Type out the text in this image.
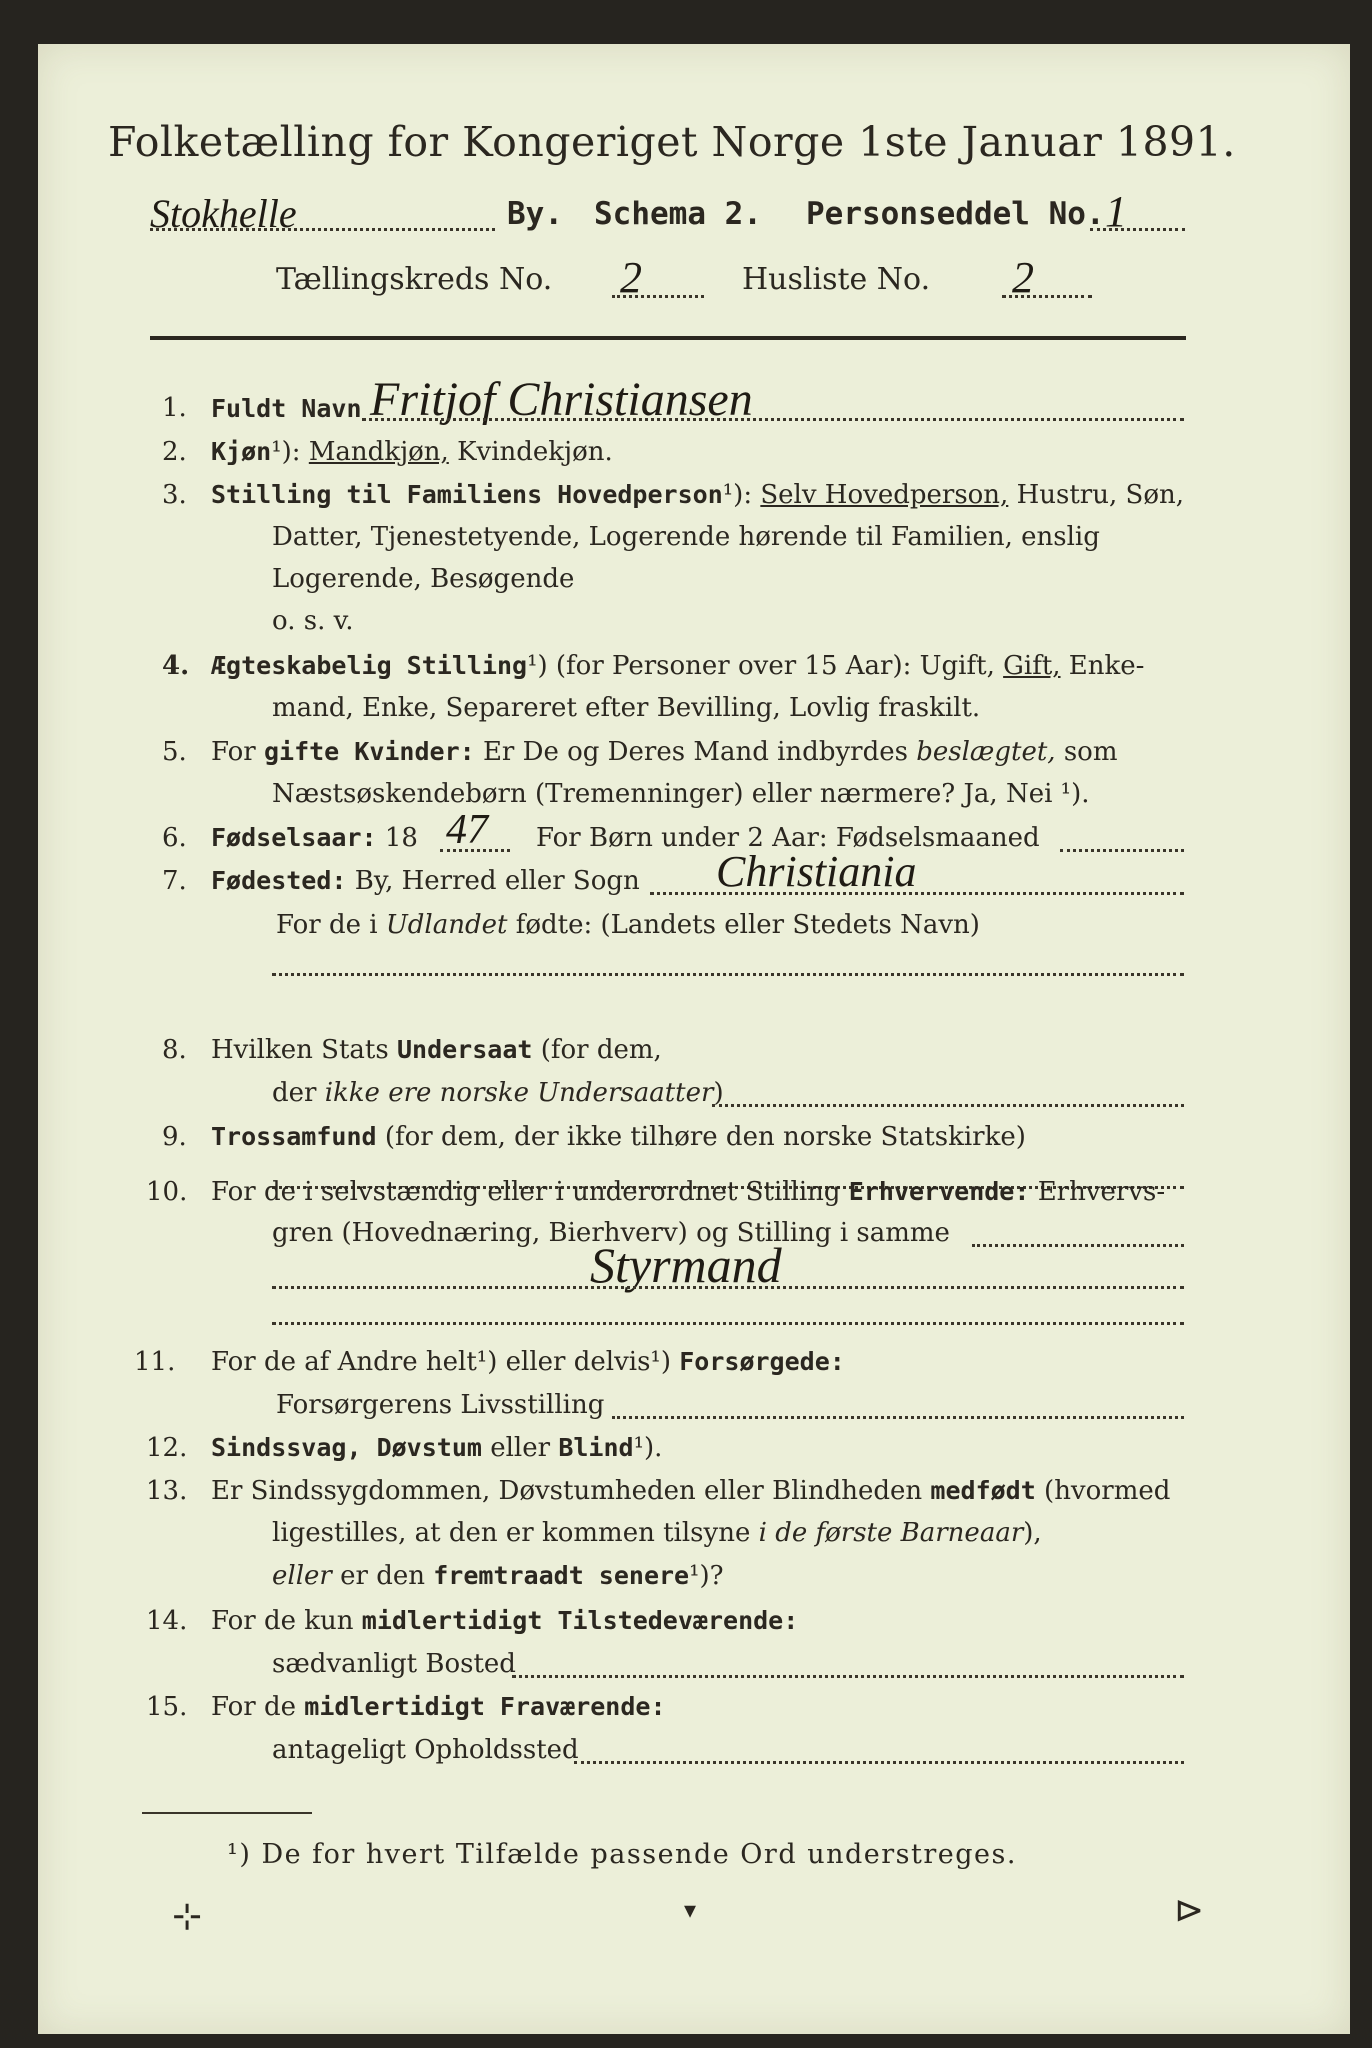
Folketælling for Kongeriget Norge 1ste Januar 1891.
Stokhelle	By. Schema 2. Personseddel No. 1
Tællingskreds No. 2	Husliste No. 2
1. Fuldt Navn Fritjof Christiansen
2. Kjøn¹): Mandkjøn, Kvindekjøn.
3. Stilling til Familiens Hovedperson¹): Selv Hovedperson, Hustru, Søn,
Datter, Tjenestetyende, Logerende hørende til Familien, enslig
Logerende, Besøgende
o. s. v.
4. Ægteskabelig Stilling¹) (for Personer over 15 Aar): Ugift, Gift, Enke-
mand, Enke, Separeret efter Bevilling, Lovlig fraskilt.
5. For gifte Kvinder: Er De og Deres Mand indbyrdes beslægtet, som
Næstsøskendebørn (Tremenninger) eller nærmere? Ja, Nei ¹).
6. Fødselsaar: 18 47 For Børn under 2 Aar: Fødselsmaaned
7. Fødested: By, Herred eller Sogn Christiania
For de i Udlandet fødte: (Landets eller Stedets Navn)
8. Hvilken Stats Undersaat (for dem,
der ikke ere norske Undersaatter)
9. Trossamfund (for dem, der ikke tilhøre den norske Statskirke)
10. For de i selvstændig eller i underordnet Stilling Erhvervende: Erhvervs-
gren (Hovednæring, Bierhverv) og Stilling i samme
Styrmand
11. For de af Andre helt¹) eller delvis¹) Forsørgede:
Forsørgerens Livsstilling
12. Sindssvag, Døvstum eller Blind¹).
13. Er Sindssygdommen, Døvstumheden eller Blindheden medfødt (hvormed
ligestilles, at den er kommen tilsyne i de første Barneaar),
eller er den fremtraadt senere¹)?
14. For de kun midlertidigt Tilstedeværende:
sædvanligt Bosted
15. For de midlertidigt Fraværende:
antageligt Opholdssted
¹) De for hvert Tilfælde passende Ord understreges.
⊹	▾	⊳
